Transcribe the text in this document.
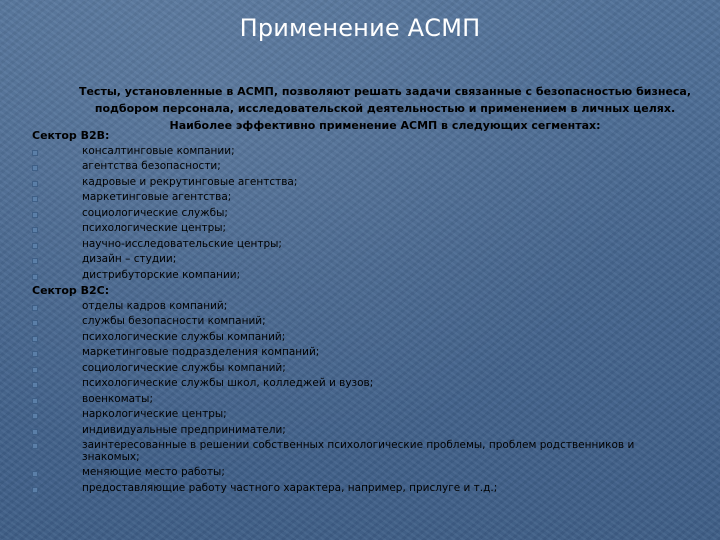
Применение АСМП
Тесты, установленные в АСМП, позволяют решать задачи связанные с безопасностью бизнеса,
подборoм персонала, исследовательской деятельностью и применениeм в личных целях.
Наиболее эффективно применение АСМП в следующих сегментах:

Сектор B2B:

консалтинговые компании;
агентства безопасности;
кадровые и рекрутинговые агентства;
маркетинговые агентства;
социологические службы;
психологические центры;
научно-исследовательские центры;
дизайн – студии;
дистрибуторские компании;

Сектор B2C:

отделы кадров компаний;
службы безопасности компаний;
психологические службы компаний;
маркетинговые подразделения компаний;
социологические службы компаний;
психологические службы школ, колледжей и вузов;
военкоматы;
наркологические центры;
индивидуальные предприниматели;
заинтересованные в решении собственных психологические проблемы, проблем родственников и знакомых;
меняющие место работы;
предоставляющие работу частного характера, например, прислуге и т.д.;
